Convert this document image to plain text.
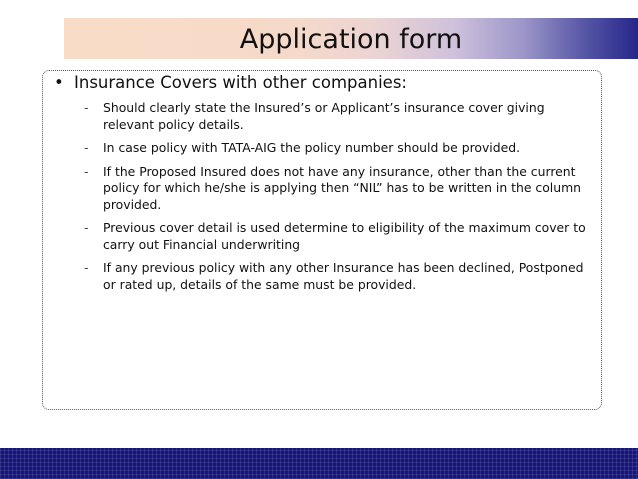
Application form
• Insurance Covers with other companies:
- Should clearly state the Insured’s or Applicant’s insurance cover giving relevant policy details.
- In case policy with TATA-AIG the policy number should be provided.
- If the Proposed Insured does not have any insurance, other than the current policy for which he/she is applying then “NIL” has to be written in the column provided.
- Previous cover detail is used determine to eligibility of the maximum cover to carry out Financial underwriting
- If any previous policy with any other Insurance has been declined, Postponed or rated up, details of the same must be provided.
